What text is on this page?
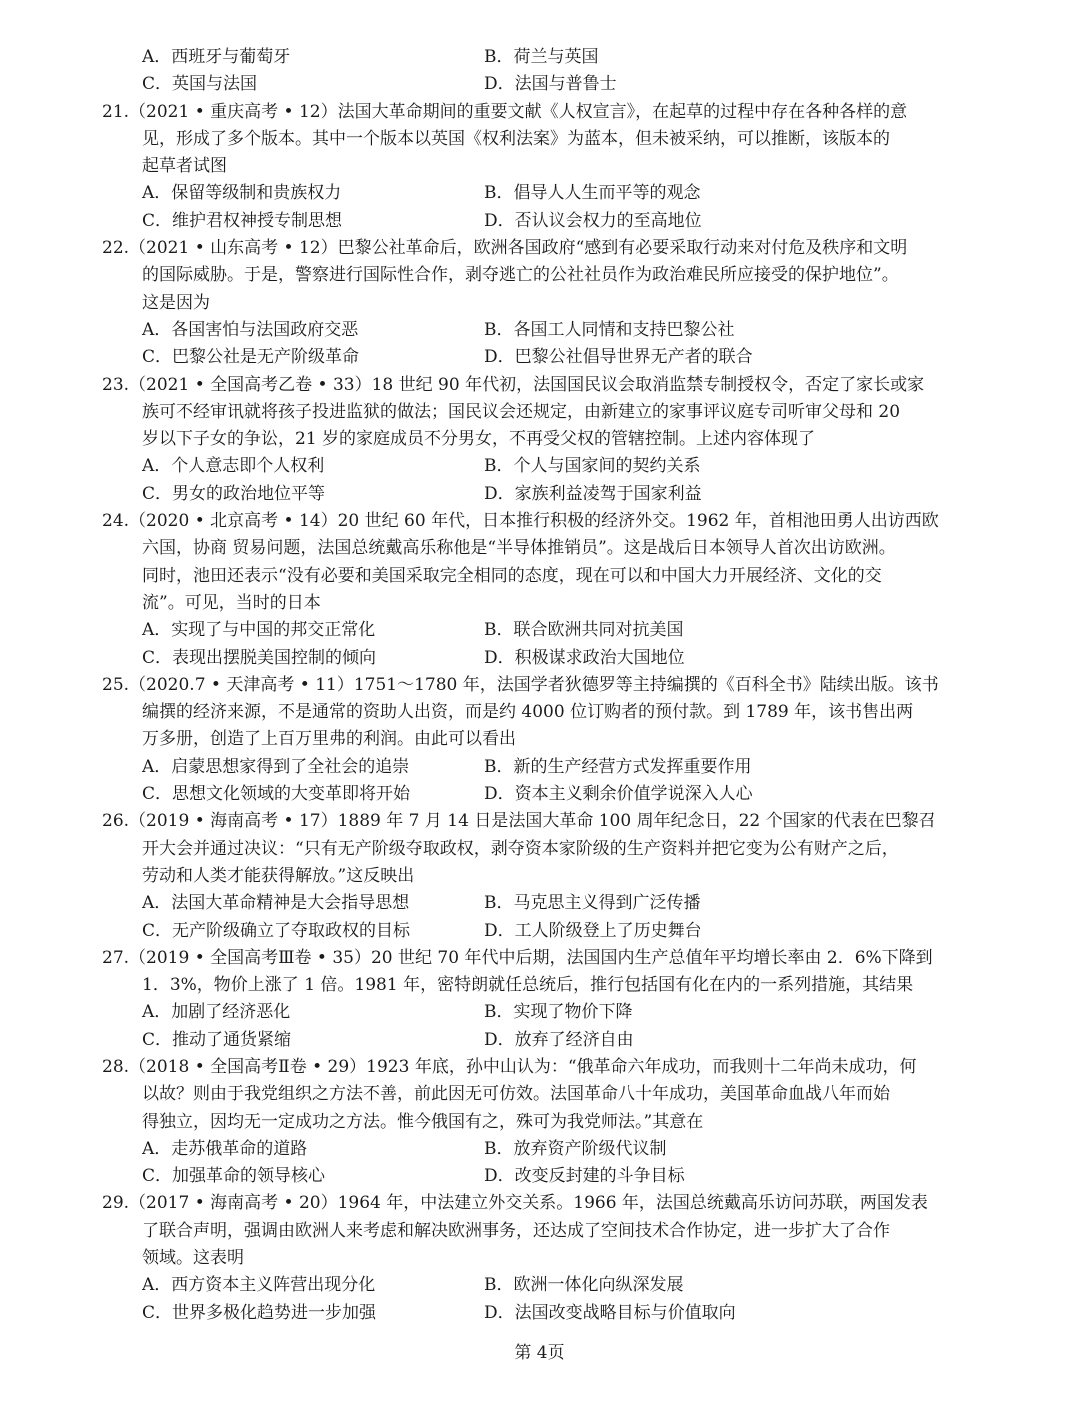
A．西班牙与葡萄牙	B．荷兰与英国
C．英国与法国	D．法国与普鲁士
21.（2021 • 重庆高考 • 12）法国大革命期间的重要文献《人权宣言》，在起草的过程中存在各种各样的意
见，形成了多个版本。其中一个版本以英国《权利法案》为蓝本，但未被采纳，可以推断，该版本的
起草者试图
A．保留等级制和贵族权力	B．倡导人人生而平等的观念
C．维护君权神授专制思想	D．否认议会权力的至高地位
22.（2021 • 山东高考 • 12）巴黎公社革命后，欧洲各国政府“感到有必要采取行动来对付危及秩序和文明
的国际威胁。于是，警察进行国际性合作，剥夺逃亡的公社社员作为政治难民所应接受的保护地位”。
这是因为
A．各国害怕与法国政府交恶	B．各国工人同情和支持巴黎公社
C．巴黎公社是无产阶级革命	D．巴黎公社倡导世界无产者的联合
23.（2021 • 全国高考乙卷 • 33）18 世纪 90 年代初，法国国民议会取消监禁专制授权令，否定了家长或家
族可不经审讯就将孩子投进监狱的做法；国民议会还规定，由新建立的家事评议庭专司听审父母和 20
岁以下子女的争讼，21 岁的家庭成员不分男女，不再受父权的管辖控制。上述内容体现了
A．个人意志即个人权利	B．个人与国家间的契约关系
C．男女的政治地位平等	D．家族利益凌驾于国家利益
24.（2020 • 北京高考 • 14）20 世纪 60 年代，日本推行积极的经济外交。1962 年，首相池田勇人出访西欧
六国，协商 贸易问题，法国总统戴高乐称他是“半导体推销员”。这是战后日本领导人首次出访欧洲。
同时，池田还表示“没有必要和美国采取完全相同的态度，现在可以和中国大力开展经济、文化的交
流”。可见，当时的日本
A．实现了与中国的邦交正常化	B．联合欧洲共同对抗美国
C．表现出摆脱美国控制的倾向	D．积极谋求政治大国地位
25.（2020.7 • 天津高考 • 11）1751～1780 年，法国学者狄德罗等主持编撰的《百科全书》陆续出版。该书
编撰的经济来源，不是通常的资助人出资，而是约 4000 位订购者的预付款。到 1789 年，该书售出两
万多册，创造了上百万里弗的利润。由此可以看出
A．启蒙思想家得到了全社会的追崇	B．新的生产经营方式发挥重要作用
C．思想文化领域的大变革即将开始	D．资本主义剩余价值学说深入人心
26.（2019 • 海南高考 • 17）1889 年 7 月 14 日是法国大革命 100 周年纪念日，22 个国家的代表在巴黎召
开大会并通过决议：“只有无产阶级夺取政权，剥夺资本家阶级的生产资料并把它变为公有财产之后，
劳动和人类才能获得解放。”这反映出
A．法国大革命精神是大会指导思想	B．马克思主义得到广泛传播
C．无产阶级确立了夺取政权的目标	D．工人阶级登上了历史舞台
27.（2019 • 全国高考Ⅲ卷 • 35）20 世纪 70 年代中后期，法国国内生产总值年平均增长率由 2．6%下降到
1．3%，物价上涨了 1 倍。1981 年，密特朗就任总统后，推行包括国有化在内的一系列措施，其结果
A．加剧了经济恶化	B．实现了物价下降
C．推动了通货紧缩	D．放弃了经济自由
28.（2018 • 全国高考Ⅱ卷 • 29）1923 年底，孙中山认为：“俄革命六年成功，而我则十二年尚未成功，何
以故？则由于我党组织之方法不善，前此因无可仿效。法国革命八十年成功，美国革命血战八年而始
得独立，因均无一定成功之方法。惟今俄国有之，殊可为我党师法。”其意在
A．走苏俄革命的道路	B．放弃资产阶级代议制
C．加强革命的领导核心	D．改变反封建的斗争目标
29.（2017 • 海南高考 • 20）1964 年，中法建立外交关系。1966 年，法国总统戴高乐访问苏联，两国发表
了联合声明，强调由欧洲人来考虑和解决欧洲事务，还达成了空间技术合作协定，进一步扩大了合作
领域。这表明
A．西方资本主义阵营出现分化	B．欧洲一体化向纵深发展
C．世界多极化趋势进一步加强	D．法国改变战略目标与价值取向
第 4页
